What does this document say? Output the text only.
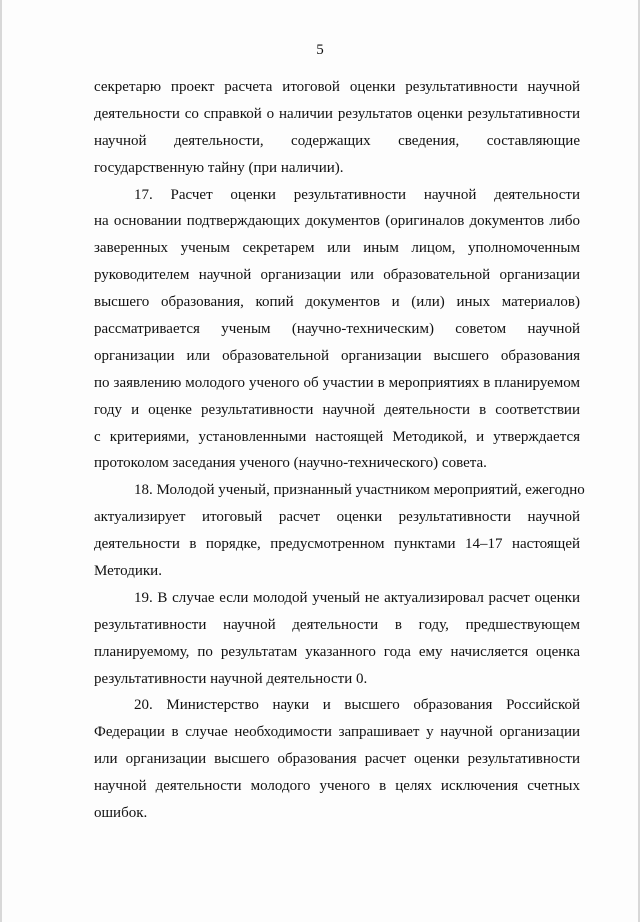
5
секретарю проект расчета итоговой оценки результативности научной
деятельности со справкой о наличии результатов оценки результативности
научной деятельности, содержащих сведения, составляющие
государственную тайну (при наличии).
17. Расчет оценки результативности научной деятельности
на основании подтверждающих документов (оригиналов документов либо
заверенных ученым секретарем или иным лицом, уполномоченным
руководителем научной организации или образовательной организации
высшего образования, копий документов и (или) иных материалов)
рассматривается ученым (научно-техническим) советом научной
организации или образовательной организации высшего образования
по заявлению молодого ученого об участии в мероприятиях в планируемом
году и оценке результативности научной деятельности в соответствии
с критериями, установленными настоящей Методикой, и утверждается
протоколом заседания ученого (научно-технического) совета.
18. Молодой ученый, признанный участником мероприятий, ежегодно
актуализирует итоговый расчет оценки результативности научной
деятельности в порядке, предусмотренном пунктами 14–17 настоящей
Методики.
19. В случае если молодой ученый не актуализировал расчет оценки
результативности научной деятельности в году, предшествующем
планируемому, по результатам указанного года ему начисляется оценка
результативности научной деятельности 0.
20. Министерство науки и высшего образования Российской
Федерации в случае необходимости запрашивает у научной организации
или организации высшего образования расчет оценки результативности
научной деятельности молодого ученого в целях исключения счетных
ошибок.
